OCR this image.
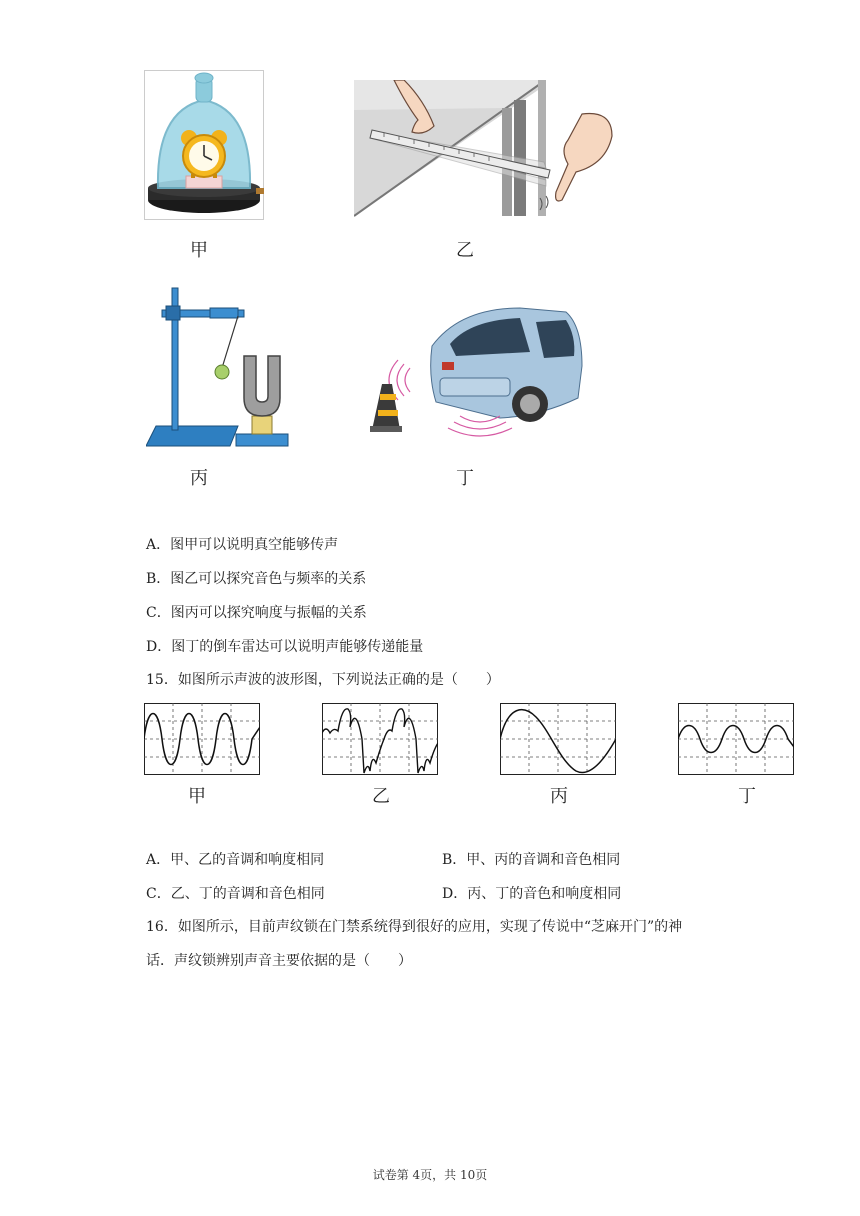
甲	乙
丙	丁
A．图甲可以说明真空能够传声
B．图乙可以探究音色与频率的关系
C．图丙可以探究响度与振幅的关系
D．图丁的倒车雷达可以说明声能够传递能量
15．如图所示声波的波形图，下列说法正确的是（　　）
甲	乙	丙	丁
A．甲、乙的音调和响度相同	B．甲、丙的音调和音色相同
C．乙、丁的音调和音色相同	D．丙、丁的音色和响度相同
16．如图所示，目前声纹锁在门禁系统得到很好的应用，实现了传说中“芝麻开门”的神
话．声纹锁辨别声音主要依据的是（　　）
试卷第 4页，共 10页
